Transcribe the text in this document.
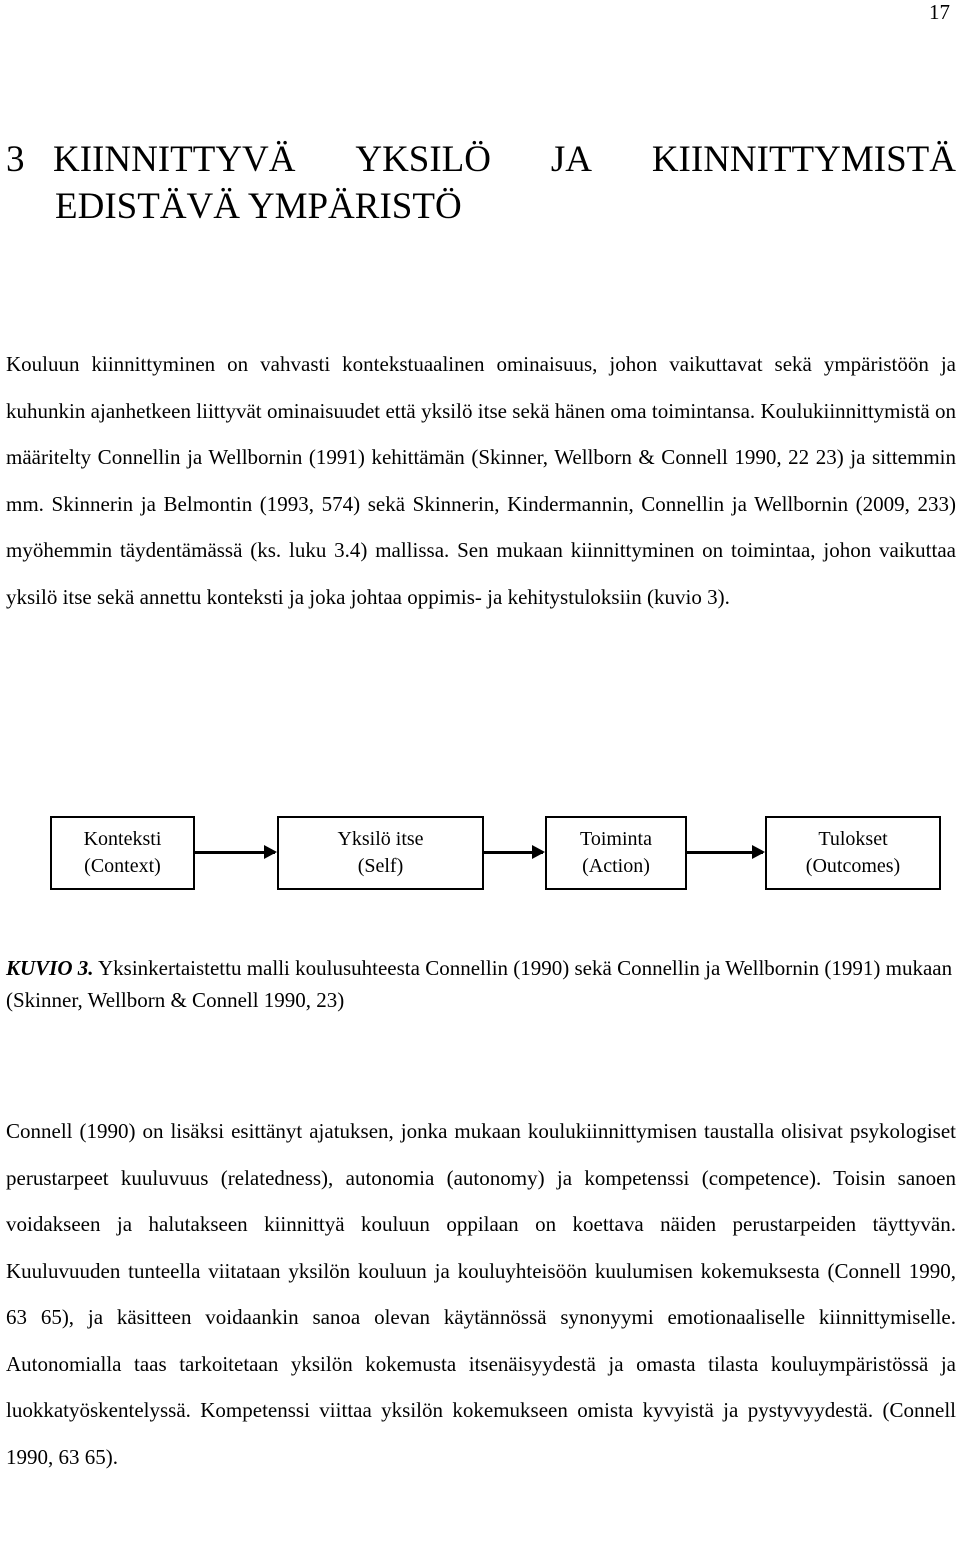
17
3 KIINNITTYVÄ YKSILÖ JA KIINNITTYMISTÄ
EDISTÄVÄ YMPÄRISTÖ

Kouluun kiinnittyminen on vahvasti kontekstuaalinen ominaisuus, johon vaikuttavat sekä ympäristöön ja kuhunkin ajanhetkeen liittyvät ominaisuudet että yksilö itse sekä hänen oma toimintansa. Koulukiinnittymistä on määritelty Connellin ja Wellbornin (1991) kehittämän (Skinner, Wellborn & Connell 1990, 22 23) ja sittemmin mm. Skinnerin ja Belmontin (1993, 574) sekä Skinnerin, Kindermannin, Connellin ja Wellbornin (2009, 233) myöhemmin täydentämässä (ks. luku 3.4) mallissa. Sen mukaan kiinnittyminen on toimintaa, johon vaikuttaa yksilö itse sekä annettu konteksti ja joka johtaa oppimis- ja kehitystuloksiin (kuvio 3).

Konteksti
(Context)
Yksilö itse
(Self)
Toiminta
(Action)
Tulokset
(Outcomes)

KUVIO 3. Yksinkertaistettu malli koulusuhteesta Connellin (1990) sekä Connellin ja Wellbornin (1991) mukaan (Skinner, Wellborn & Connell 1990, 23)

Connell (1990) on lisäksi esittänyt ajatuksen, jonka mukaan koulukiinnittymisen taustalla olisivat psykologiset perustarpeet kuuluvuus (relatedness), autonomia (autonomy) ja kompetenssi (competence). Toisin sanoen voidakseen ja halutakseen kiinnittyä kouluun oppilaan on koettava näiden perustarpeiden täyttyvän. Kuuluvuuden tunteella viitataan yksilön kouluun ja kouluyhteisöön kuulumisen kokemuksesta (Connell 1990, 63 65), ja käsitteen voidaankin sanoa olevan käytännössä synonyymi emotionaaliselle kiinnittymiselle. Autonomialla taas tarkoitetaan yksilön kokemusta itsenäisyydestä ja omasta tilasta kouluympäristössä ja luokkatyöskentelyssä. Kompetenssi viittaa yksilön kokemukseen omista kyvyistä ja pystyvyydestä. (Connell 1990, 63 65).
